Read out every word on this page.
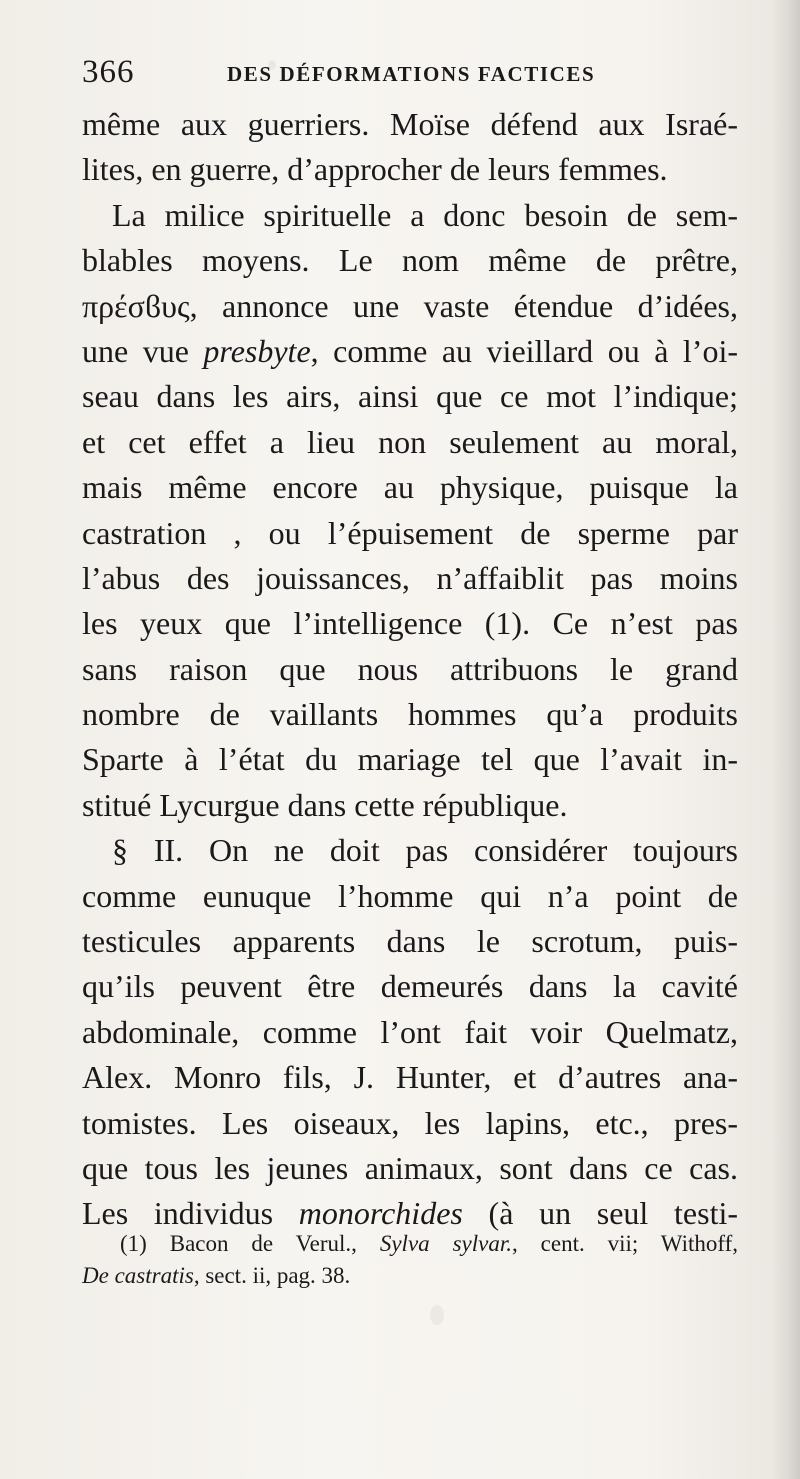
366	DES DÉFORMATIONS FACTICES
même aux guerriers. Moïse défend aux Israé-
lites, en guerre, d’approcher de leurs femmes.
La milice spirituelle a donc besoin de sem-
blables moyens. Le nom même de prêtre,
πρέσϐυς, annonce une vaste étendue d’idées,
une vue presbyte, comme au vieillard ou à l’oi-
seau dans les airs, ainsi que ce mot l’indique;
et cet effet a lieu non seulement au moral,
mais même encore au physique, puisque la
castration , ou l’épuisement de sperme par
l’abus des jouissances, n’affaiblit pas moins
les yeux que l’intelligence (1). Ce n’est pas
sans raison que nous attribuons le grand
nombre de vaillants hommes qu’a produits
Sparte à l’état du mariage tel que l’avait in-
stitué Lycurgue dans cette république.
§ II. On ne doit pas considérer toujours
comme eunuque l’homme qui n’a point de
testicules apparents dans le scrotum, puis-
qu’ils peuvent être demeurés dans la cavité
abdominale, comme l’ont fait voir Quelmatz,
Alex. Monro fils, J. Hunter, et d’autres ana-
tomistes. Les oiseaux, les lapins, etc., pres-
que tous les jeunes animaux, sont dans ce cas.
Les individus monorchides (à un seul testi-
(1) Bacon de Verul., Sylva sylvar., cent. vii; Withoff,
De castratis, sect. ii, pag. 38.
